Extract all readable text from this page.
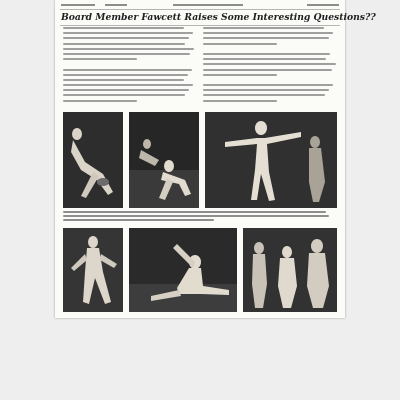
Board Member Fawcett Raises Some Interesting Questions??
